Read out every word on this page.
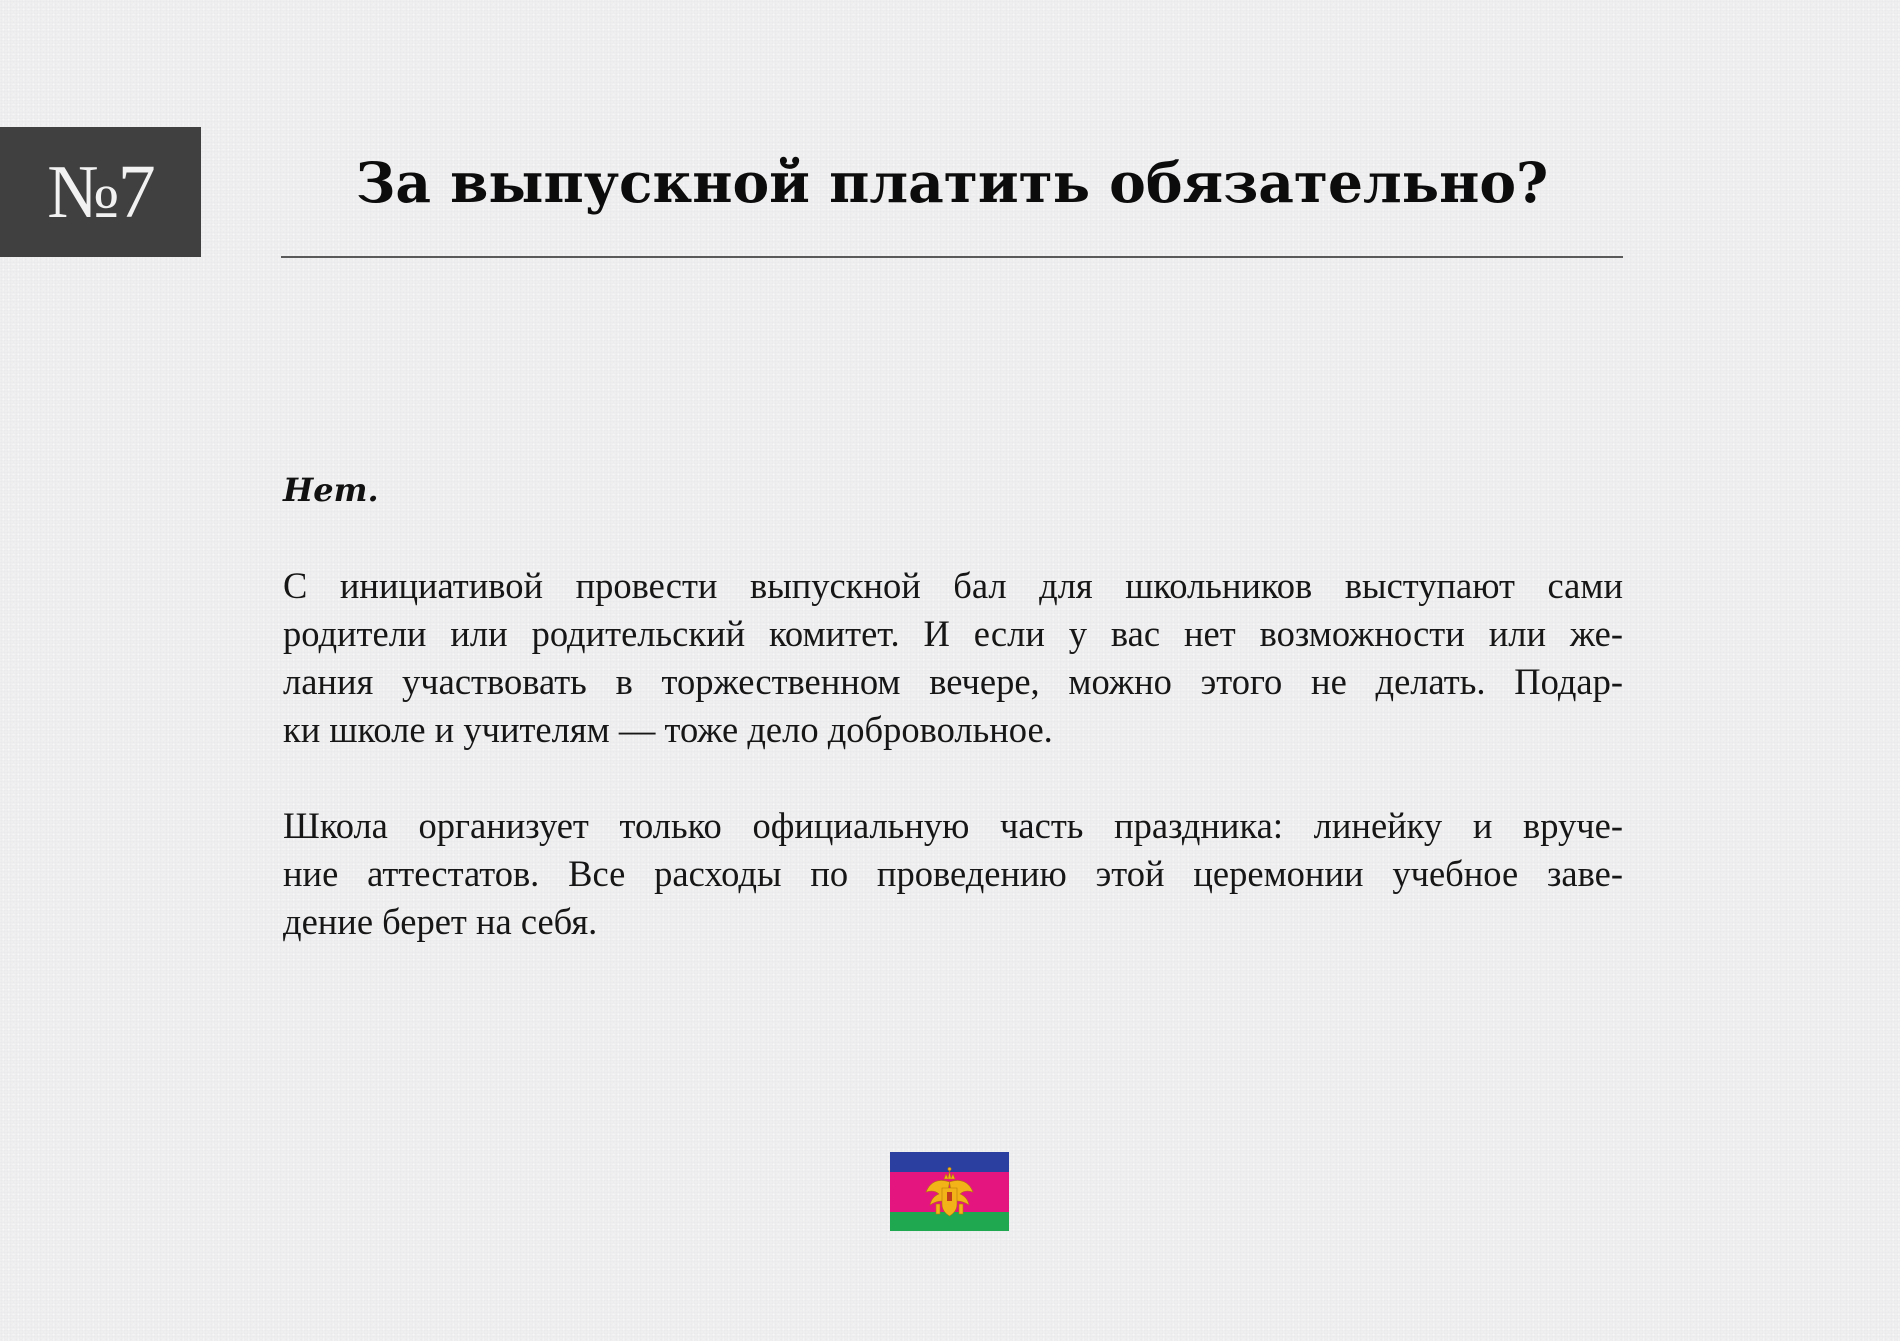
№7	За выпускной платить обязательно?

Нет.

С инициативой провести выпускной бал для школьников выступают сами
родители или родительский комитет. И если у вас нет возможности или же-
лания участвовать в торжественном вечере, можно этого не делать. Подар-
ки школе и учителям — тоже дело добровольное.
Школа организует только официальную часть праздника: линейку и вруче-
ние аттестатов. Все расходы по проведению этой церемонии учебное заве-
дение берет на себя.
